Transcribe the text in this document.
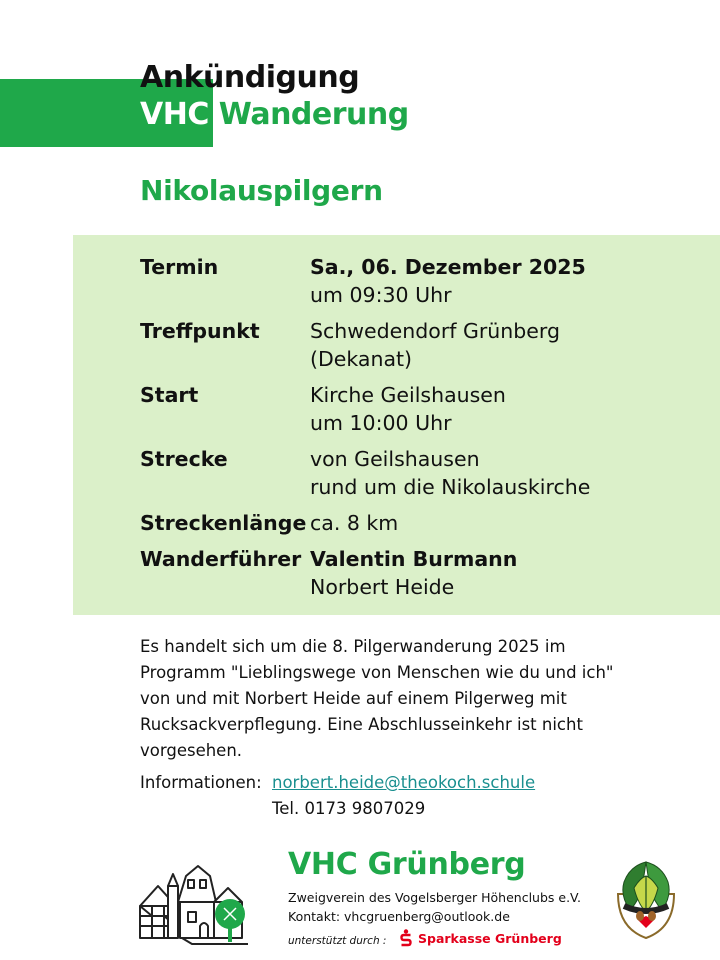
Ankündigung
VHC Wanderung
Nikolauspilgern
Termin	Sa., 06. Dezember 2025
um 09:30 Uhr
Treffpunkt Schwedendorf Grünberg
(Dekanat)
Start	Kirche Geilshausen
um 10:00 Uhr
Strecke	von Geilshausen
rund um die Nikolauskirche
Streckenlänge ca. 8 km
Wanderführer Valentin Burmann
Norbert Heide
Es handelt sich um die 8. Pilgerwanderung 2025 im
Programm "Lieblingswege von Menschen wie du und ich"
von und mit Norbert Heide auf einem Pilgerweg mit
Rucksackverpflegung. Eine Abschlusseinkehr ist nicht
vorgesehen.
Informationen: norbert.heide@theokoch.schule
Tel. 0173 9807029
VHC Grünberg
Zweigverein des Vogelsberger Höhenclubs e.V.
Kontakt: vhcgruenberg@outlook.de
unterstützt durch :	Sparkasse Grünberg
